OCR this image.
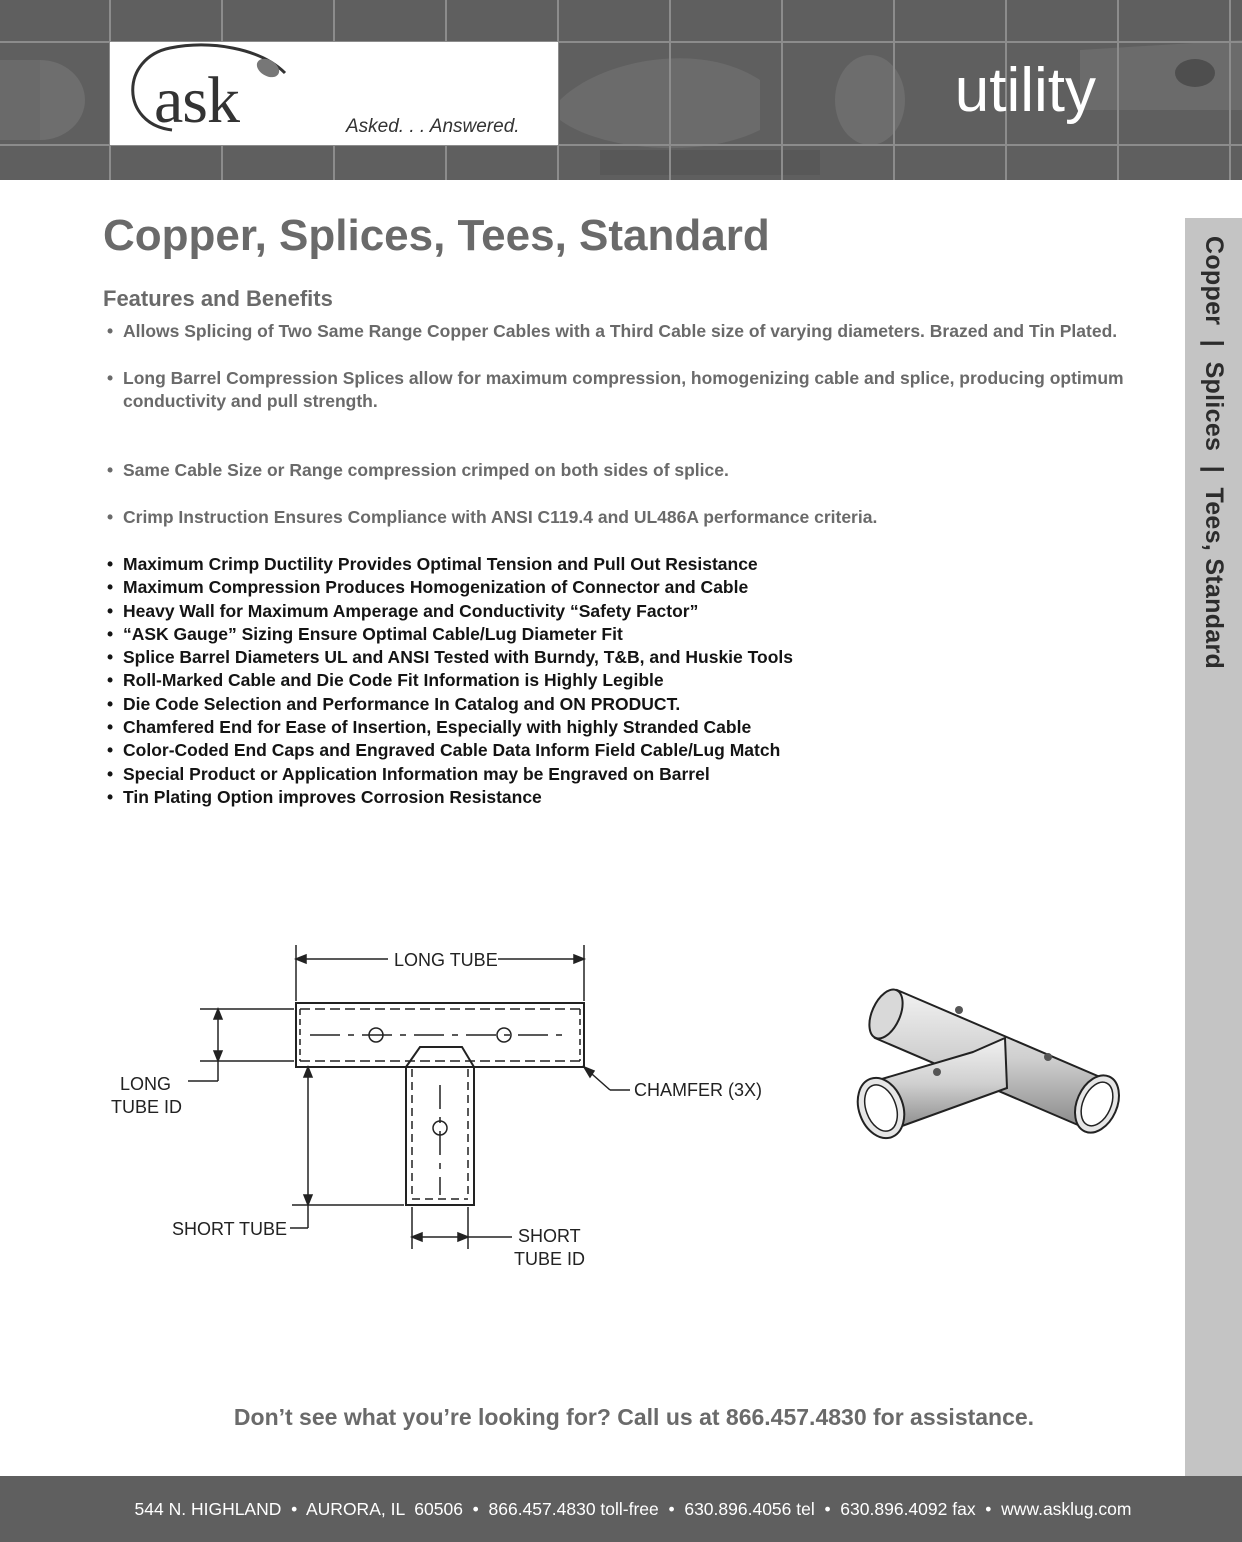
ask	Asked. . . Answered.
utility
Copper  |  Splices  |  Tees, Standard
Copper, Splices, Tees, Standard
Features and Benefits
• Allows Splicing of Two Same Range Copper Cables with a Third Cable size of varying diameters. Brazed and Tin Plated.
• Long Barrel Compression Splices allow for maximum compression, homogenizing cable and splice, producing optimum conductivity and pull strength.
• Same Cable Size or Range compression crimped on both sides of splice.
• Crimp Instruction Ensures Compliance with ANSI C119.4 and UL486A performance criteria.
• Maximum Crimp Ductility Provides Optimal Tension and Pull Out Resistance
• Maximum Compression Produces Homogenization of Connector and Cable
• Heavy Wall for Maximum Amperage and Conductivity “Safety Factor”
• “ASK Gauge” Sizing Ensure Optimal Cable/Lug Diameter Fit
• Splice Barrel Diameters UL and ANSI Tested with Burndy, T&B, and Huskie Tools
• Roll-Marked Cable and Die Code Fit Information is Highly Legible
• Die Code Selection and Performance In Catalog and ON PRODUCT.
• Chamfered End for Ease of Insertion, Especially with highly Stranded Cable
• Color-Coded End Caps and Engraved Cable Data Inform Field Cable/Lug Match
• Special Product or Application Information may be Engraved on Barrel
• Tin Plating Option improves Corrosion Resistance
LONG TUBE
LONG
TUBE ID
CHAMFER (3X)
SHORT TUBE	SHORT
TUBE ID
Don’t see what you’re looking for? Call us at 866.457.4830 for assistance.
544 N. HIGHLAND  •  AURORA, IL  60506  •  866.457.4830 toll-free  •  630.896.4056 tel  •  630.896.4092 fax  •  www.asklug.com
